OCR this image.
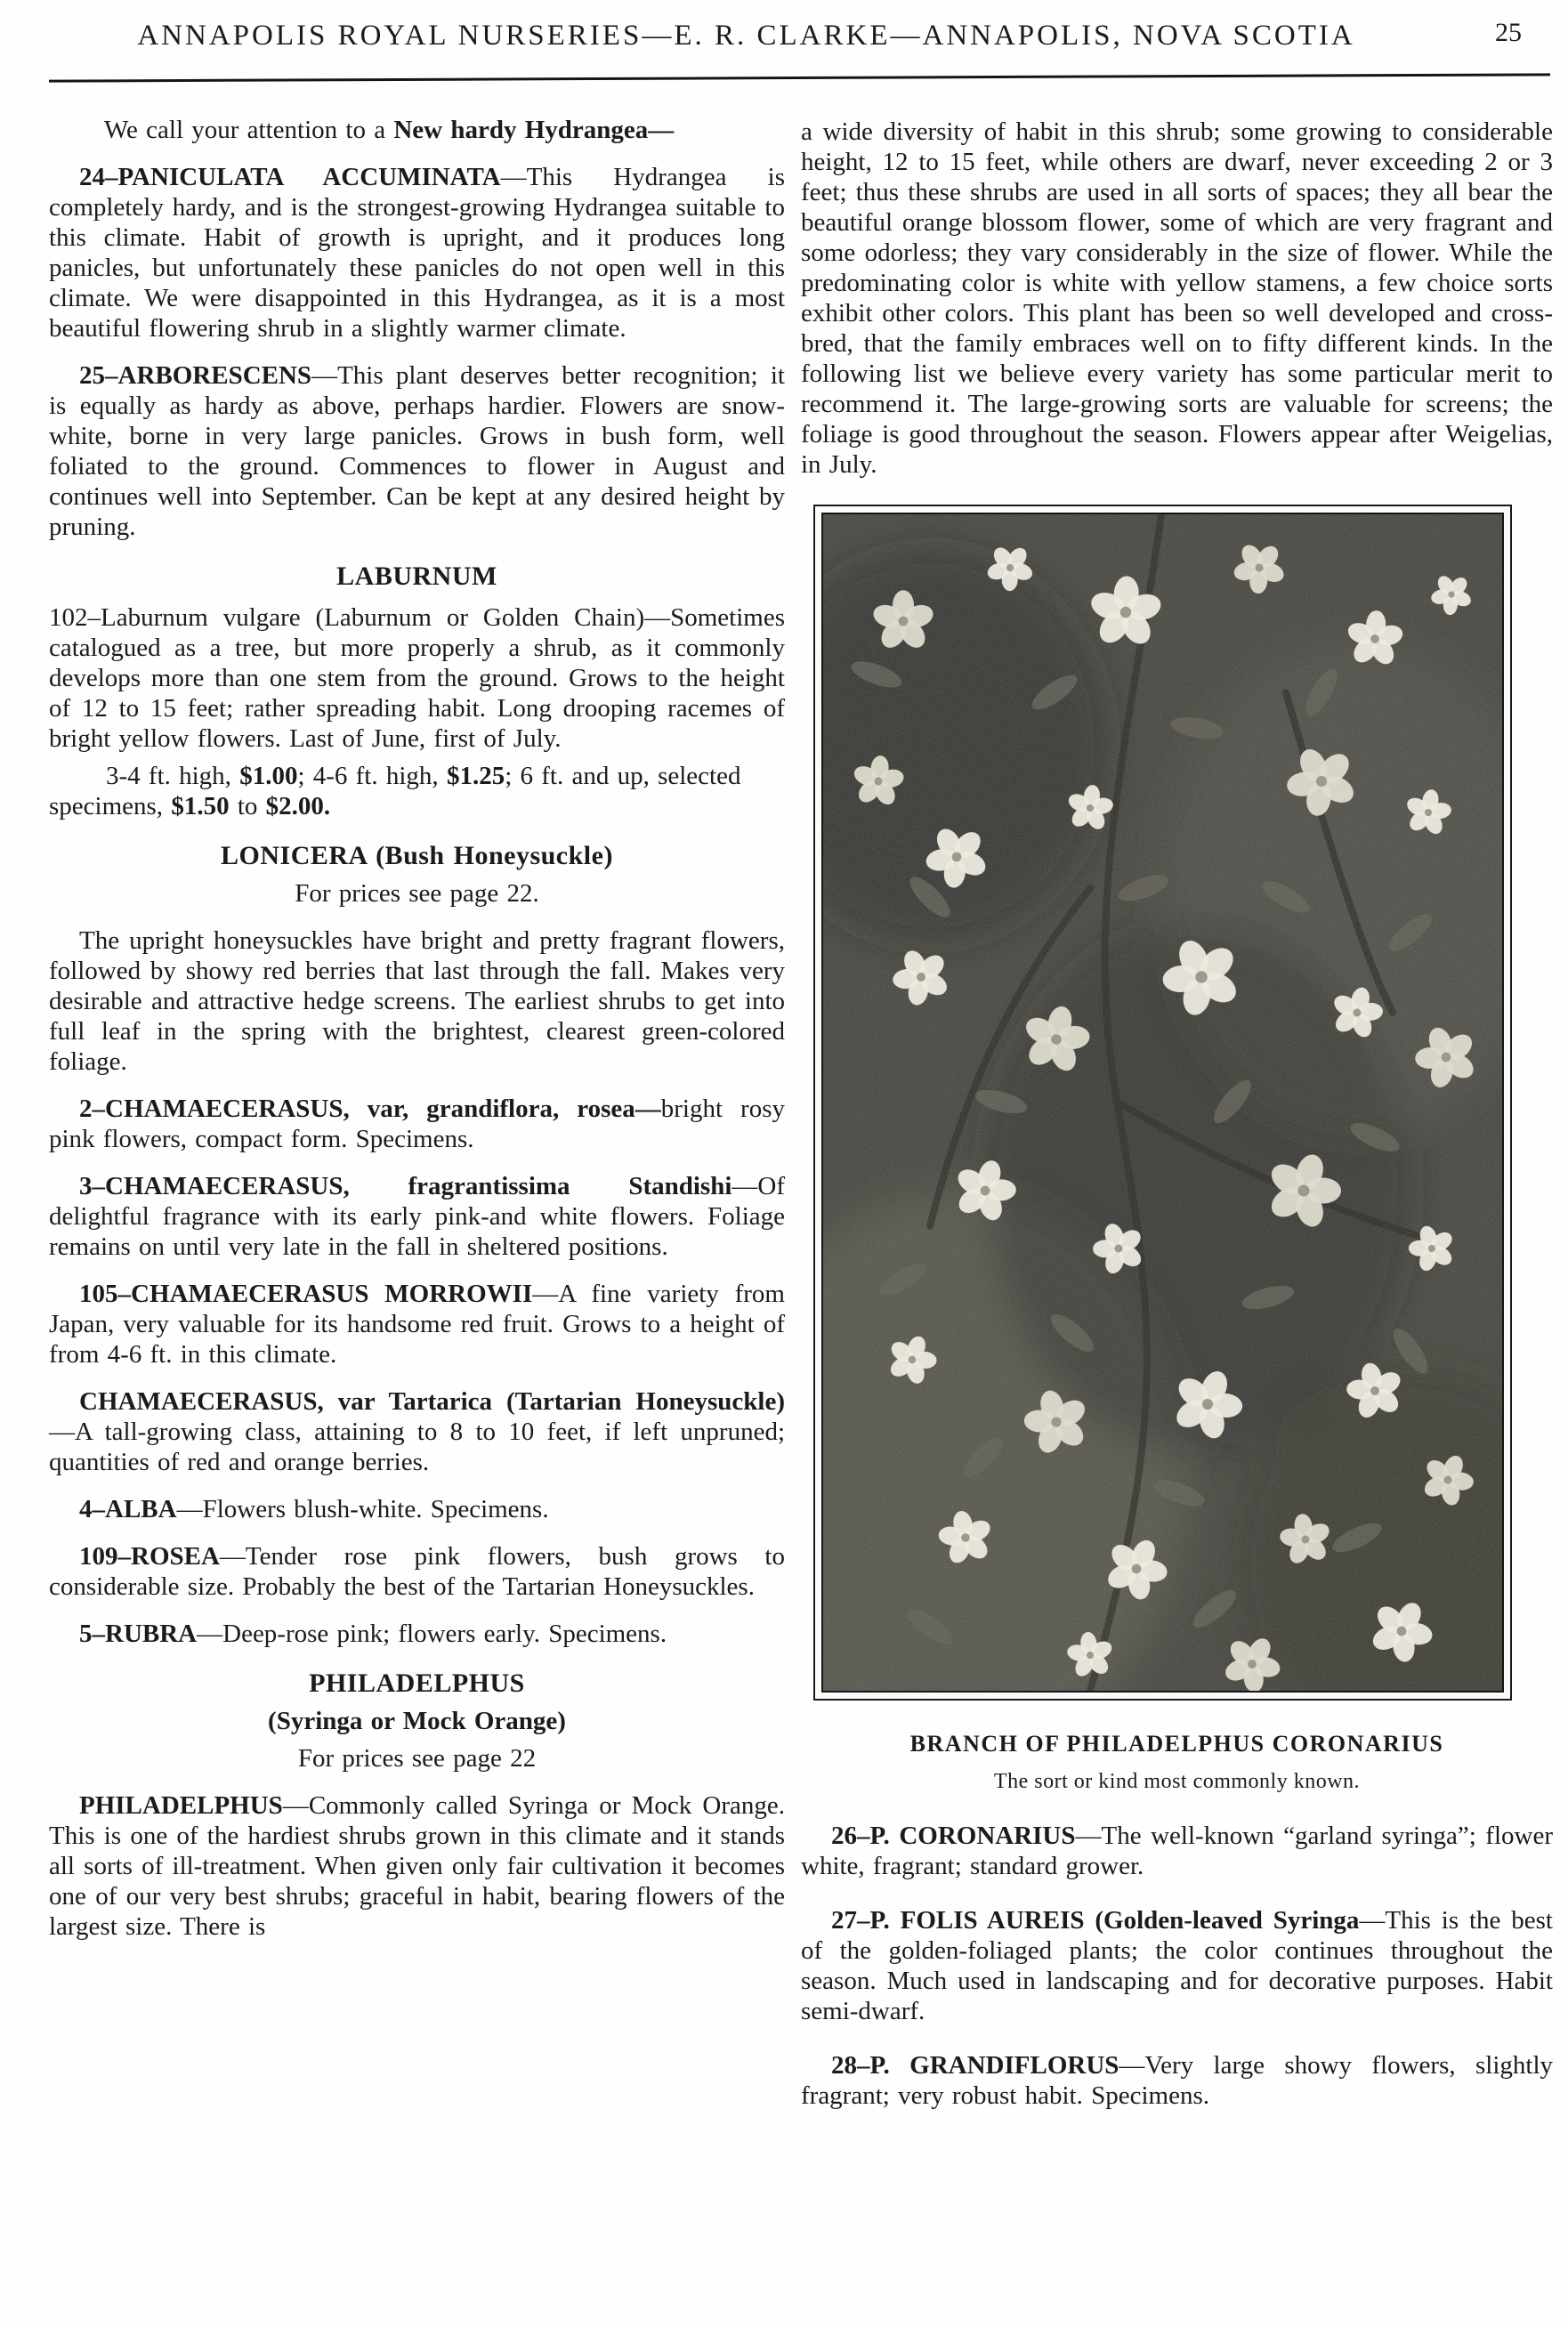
ANNAPOLIS ROYAL NURSERIES—E. R. CLARKE—ANNAPOLIS, NOVA SCOTIA	25

We call your attention to a New hardy Hydrangea—

24–PANICULATA ACCUMINATA—This Hydrangea is completely hardy, and is the strongest-growing Hydrangea suitable to this climate. Habit of growth is upright, and it produces long panicles, but unfortunately these panicles do not open well in this climate. We were disappointed in this Hydrangea, as it is a most beautiful flowering shrub in a slightly warmer climate.

25–ARBORESCENS—This plant deserves better recognition; it is equally as hardy as above, perhaps hardier. Flowers are snow-white, borne in very large panicles. Grows in bush form, well foliated to the ground. Commences to flower in August and continues well into September. Can be kept at any desired height by pruning.

LABURNUM

102–Laburnum vulgare (Laburnum or Golden Chain)—Sometimes catalogued as a tree, but more properly a shrub, as it commonly develops more than one stem from the ground. Grows to the height of 12 to 15 feet; rather spreading habit. Long drooping racemes of bright yellow flowers. Last of June, first of July.

3-4 ft. high, $1.00; 4-6 ft. high, $1.25; 6 ft. and up, selected specimens, $1.50 to $2.00.

LONICERA (Bush Honeysuckle)

For prices see page 22.

The upright honeysuckles have bright and pretty fragrant flowers, followed by showy red berries that last through the fall. Makes very desirable and attractive hedge screens. The earliest shrubs to get into full leaf in the spring with the brightest, clearest green-colored foliage.

2–CHAMAECERASUS, var, grandiflora, rosea—bright rosy pink flowers, compact form. Specimens.

3–CHAMAECERASUS, fragrantissima Standishi—Of delightful fragrance with its early pink-and white flowers. Foliage remains on until very late in the fall in sheltered positions.

105–CHAMAECERASUS MORROWII—A fine variety from Japan, very valuable for its handsome red fruit. Grows to a height of from 4-6 ft. in this climate.

CHAMAECERASUS, var Tartarica (Tartarian Honeysuckle)—A tall-growing class, attaining to 8 to 10 feet, if left unpruned; quantities of red and orange berries.

4–ALBA—Flowers blush-white. Specimens.

109–ROSEA—Tender rose pink flowers, bush grows to considerable size. Probably the best of the Tartarian Honeysuckles.

5–RUBRA—Deep-rose pink; flowers early. Specimens.

PHILADELPHUS

(Syringa or Mock Orange)

For prices see page 22

PHILADELPHUS—Commonly called Syringa or Mock Orange. This is one of the hardiest shrubs grown in this climate and it stands all sorts of ill-treatment. When given only fair cultivation it becomes one of our very best shrubs; graceful in habit, bearing flowers of the largest size. There is

a wide diversity of habit in this shrub; some growing to considerable height, 12 to 15 feet, while others are dwarf, never exceeding 2 or 3 feet; thus these shrubs are used in all sorts of spaces; they all bear the beautiful orange blossom flower, some of which are very fragrant and some odorless; they vary considerably in the size of flower. While the predominating color is white with yellow stamens, a few choice sorts exhibit other colors. This plant has been so well developed and cross-bred, that the family embraces well on to fifty different kinds. In the following list we believe every variety has some particular merit to recommend it. The large-growing sorts are valuable for screens; the foliage is good throughout the season. Flowers appear after Weigelias, in July.

BRANCH OF PHILADELPHUS CORONARIUS
The sort or kind most commonly known.

26–P. CORONARIUS—The well-known “garland syringa”; flower white, fragrant; standard grower.

27–P. FOLIS AUREIS (Golden-leaved Syringa—This is the best of the golden-foliaged plants; the color continues throughout the season. Much used in landscaping and for decorative purposes. Habit semi-dwarf.

28–P. GRANDIFLORUS—Very large showy flowers, slightly fragrant; very robust habit. Specimens.
